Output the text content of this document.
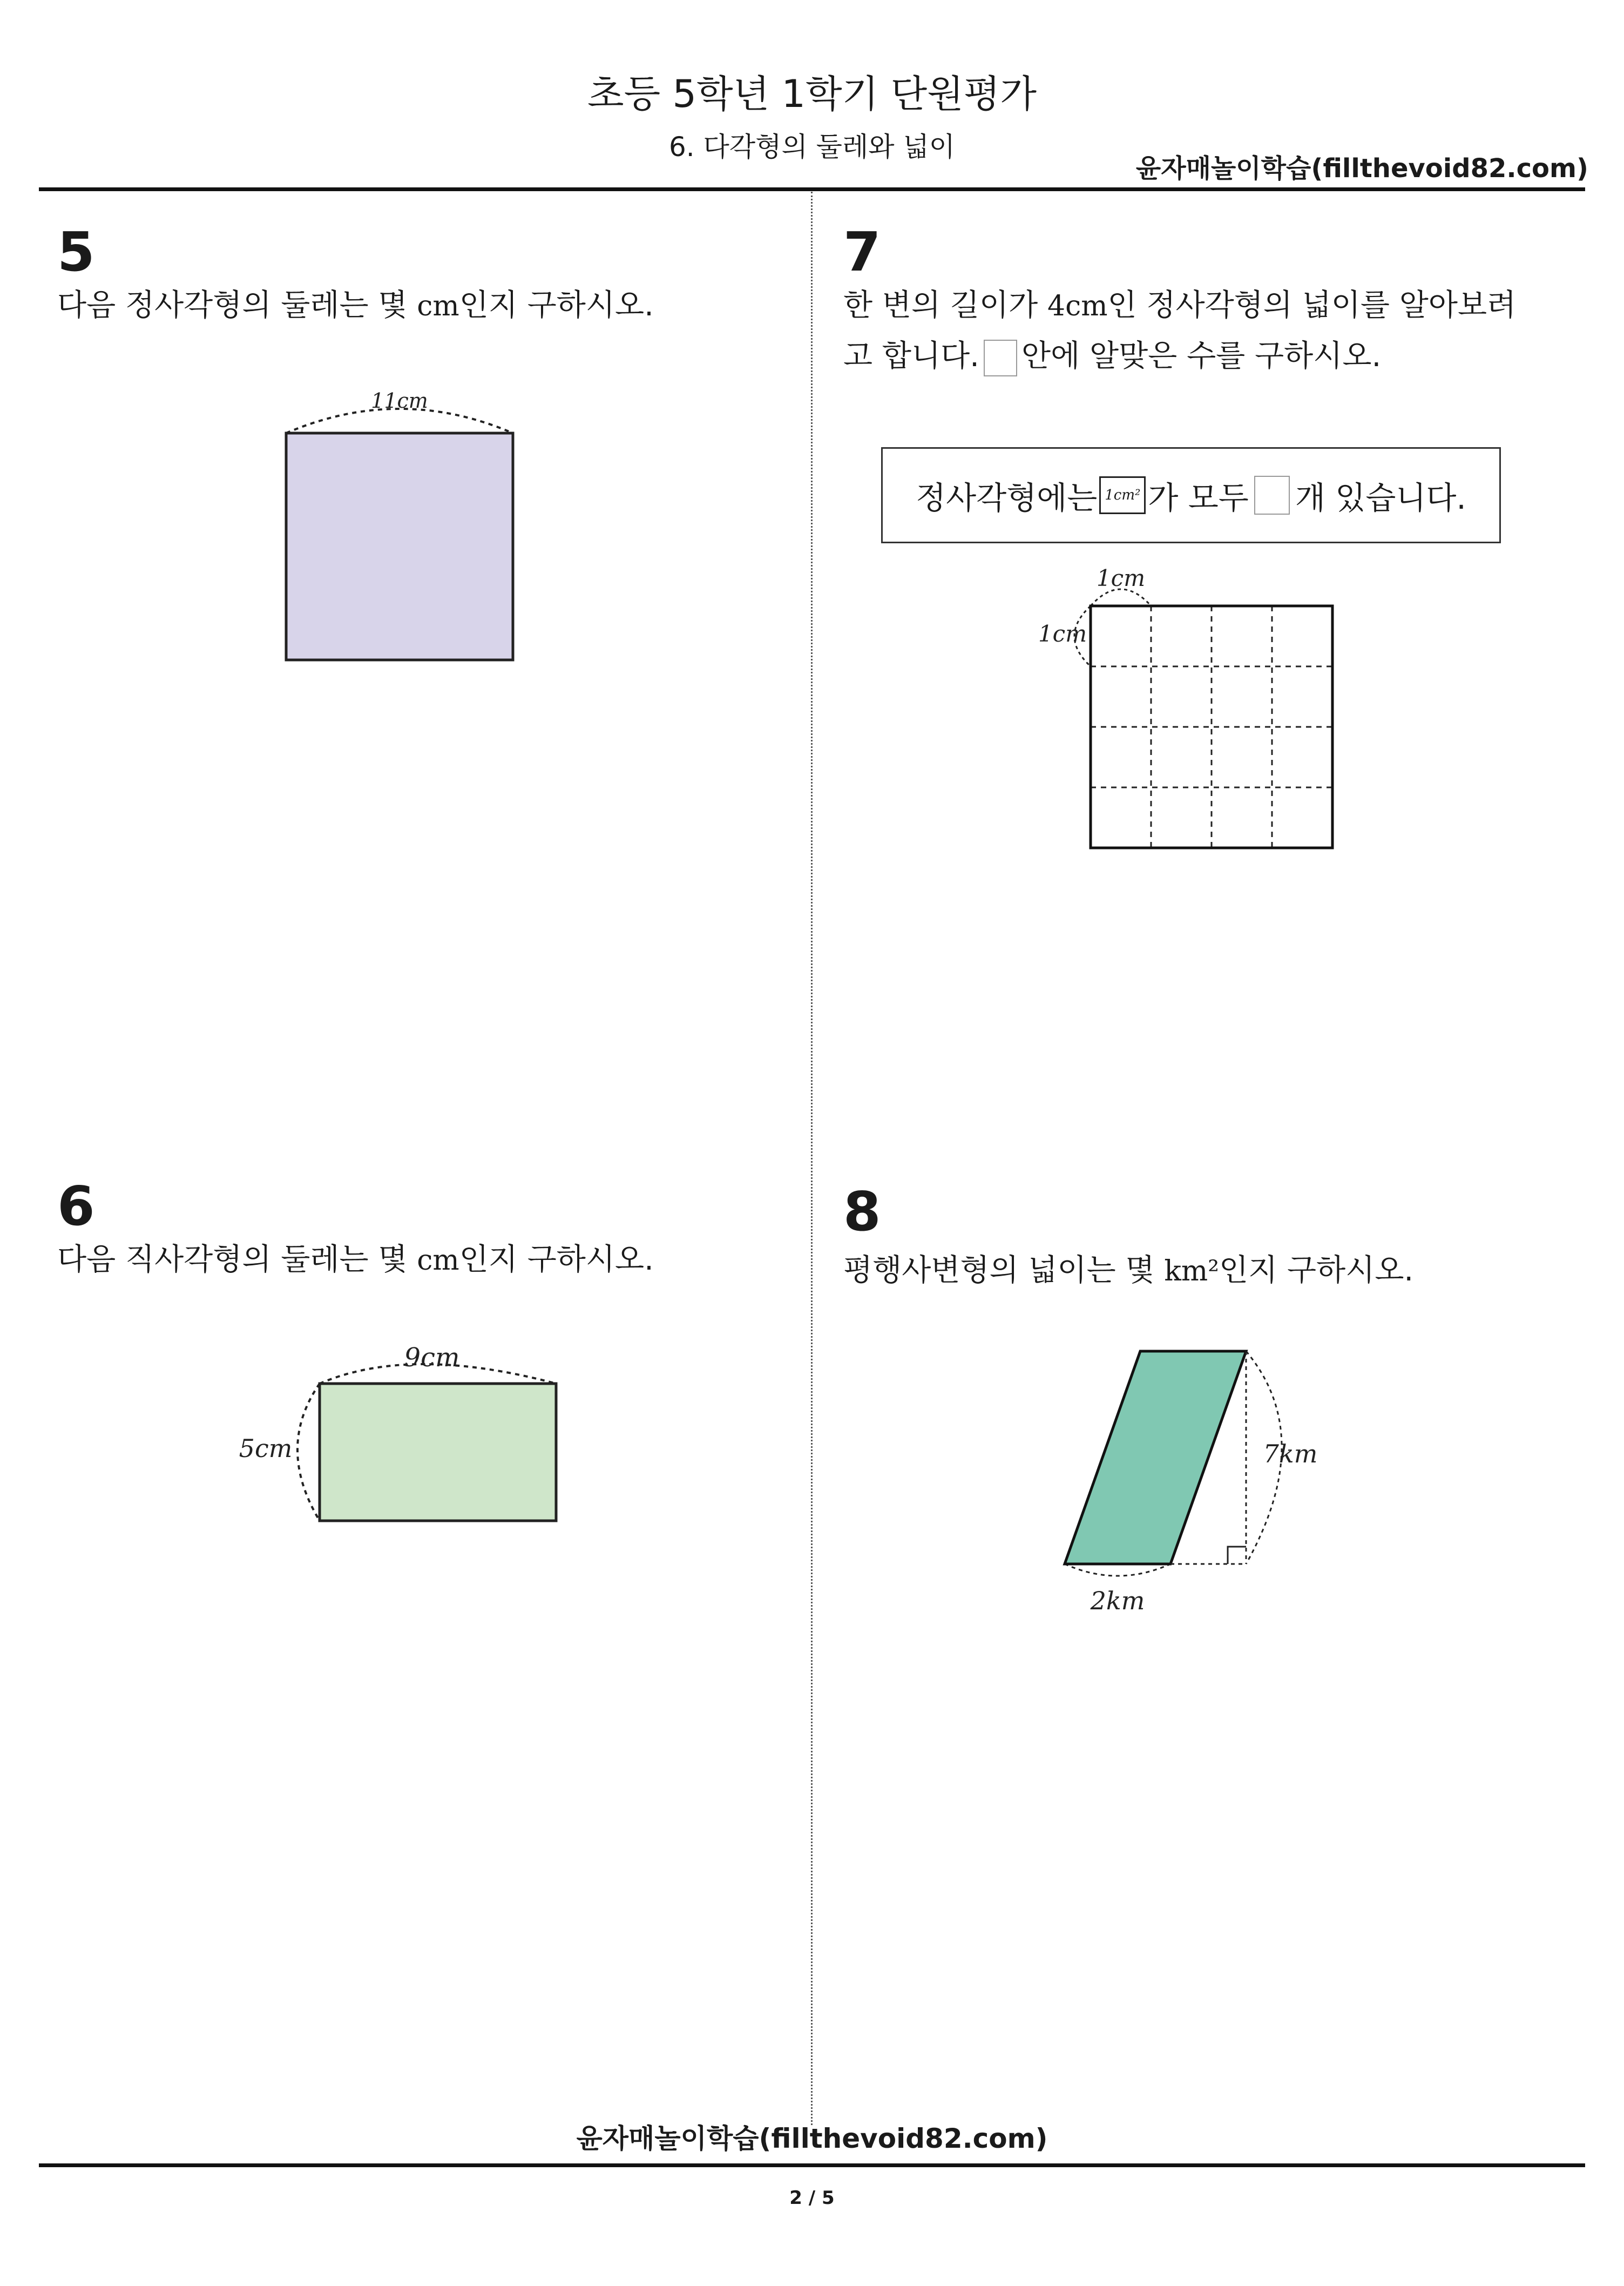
초등 5학년 1학기 단원평가
6. 다각형의 둘레와 넓이
윤자매놀이학습(fillthevoid82.com)
5
다음 정사각형의 둘레는 몇 cm인지 구하시오.
11cm
6
다음 직사각형의 둘레는 몇 cm인지 구하시오.
9cm
5cm
7
한 변의 길이가 4cm인 정사각형의 넓이를 알아보려
고 합니다. 안에 알맞은 수를 구하시오.
정사각형에는 1cm² 가 모두 개 있습니다.
1cm
1cm
8
평행사변형의 넓이는 몇 km²인지 구하시오.
7km
2km
윤자매놀이학습(fillthevoid82.com)
2 / 5
